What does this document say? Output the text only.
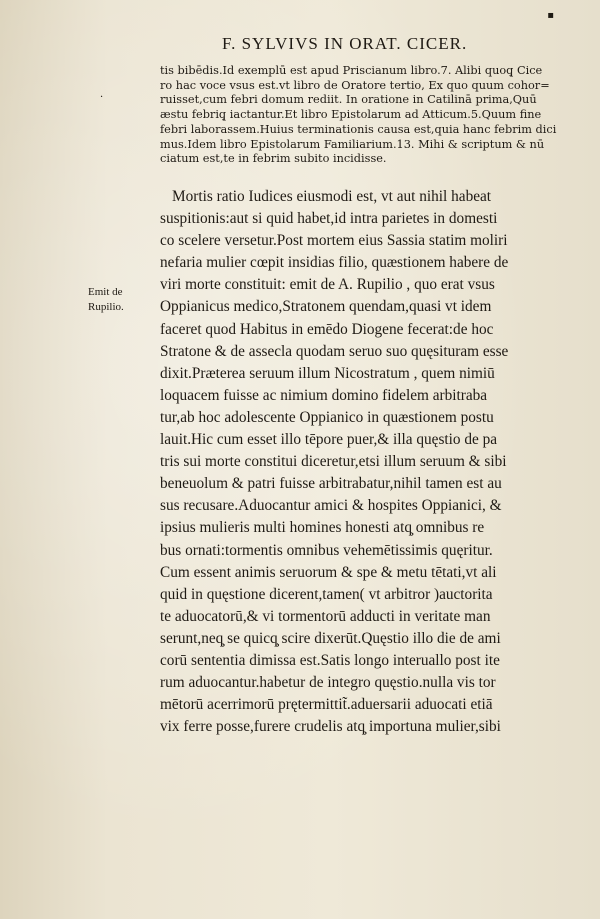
▪
·
F. SYLVIVS IN ORAT. CICER.
tis bibēdis.Id exemplū est apud Priscianum libro.7. Alibi quoq̧ Cice
ro hac voce vsus est.vt libro de Oratore tertio, Ex quo quum cohor=
ruisset,cum febri domum rediit. In oratione in Catilinā prima,Quū
æstu febriq̧ iactantur.Et libro Epistolarum ad Atticum.5.Quum fine
febri laborassem.Huius terminationis causa est,quia hanc febrim dici
mus.Idem libro Epistolarum Familiarium.13. Mihi & scriptum & nū
ciatum est,te in febrim subito incidisse.
Emit de
Rupilio.
Mortis ratio Iudices eiusmodi est, vt aut nihil habeat
suspitionis:aut si quid habet,id intra parietes in domesti
co scelere versetur.Post mortem eius Sassia statim moliri
nefaria mulier cœpit insidias filio, quæstionem habere de
viri morte constituit: emit de A. Rupilio , quo erat vsus
Oppianicus medico,Stratonem quendam,quasi vt idem
faceret quod Habitus in emēdo Diogene fecerat:de hoc
Stratone & de assecla quodam seruo suo quęsituram esse
dixit.Præterea seruum illum Nicostratum , quem nimiū
loquacem fuisse ac nimium domino fidelem arbitraba
tur,ab hoc adolescente Oppianico in quæstionem postu
lauit.Hic cum esset illo tēpore puer,& illa quęstio de pa
tris sui morte constitui diceretur,etsi illum seruum & sibi
beneuolum & patri fuisse arbitrabatur,nihil tamen est au
sus recusare.Aduocantur amici & hospites Oppianici, &
ipsius mulieris multi homines honesti atq̧ omnibus re
bus ornati:tormentis omnibus vehemētissimis quęritur.
Cum essent animis seruorum & spe & metu tētati,vt ali
quid in quęstione dicerent,tamen( vt arbitror )auctorita
te aduocatorū,& vi tormentorū adducti in veritate man
serunt,neq̧ se quicq̧ scire dixerūt.Quęstio illo die de ami
corū sententia dimissa est.Satis longo interuallo post ite
rum aduocantur.habetur de integro quęstio.nulla vis tor
mētorū acerrimorū prętermittit̃.aduersarii aduocati etiā
vix ferre posse,furere crudelis atq̧ importuna mulier,sibi
